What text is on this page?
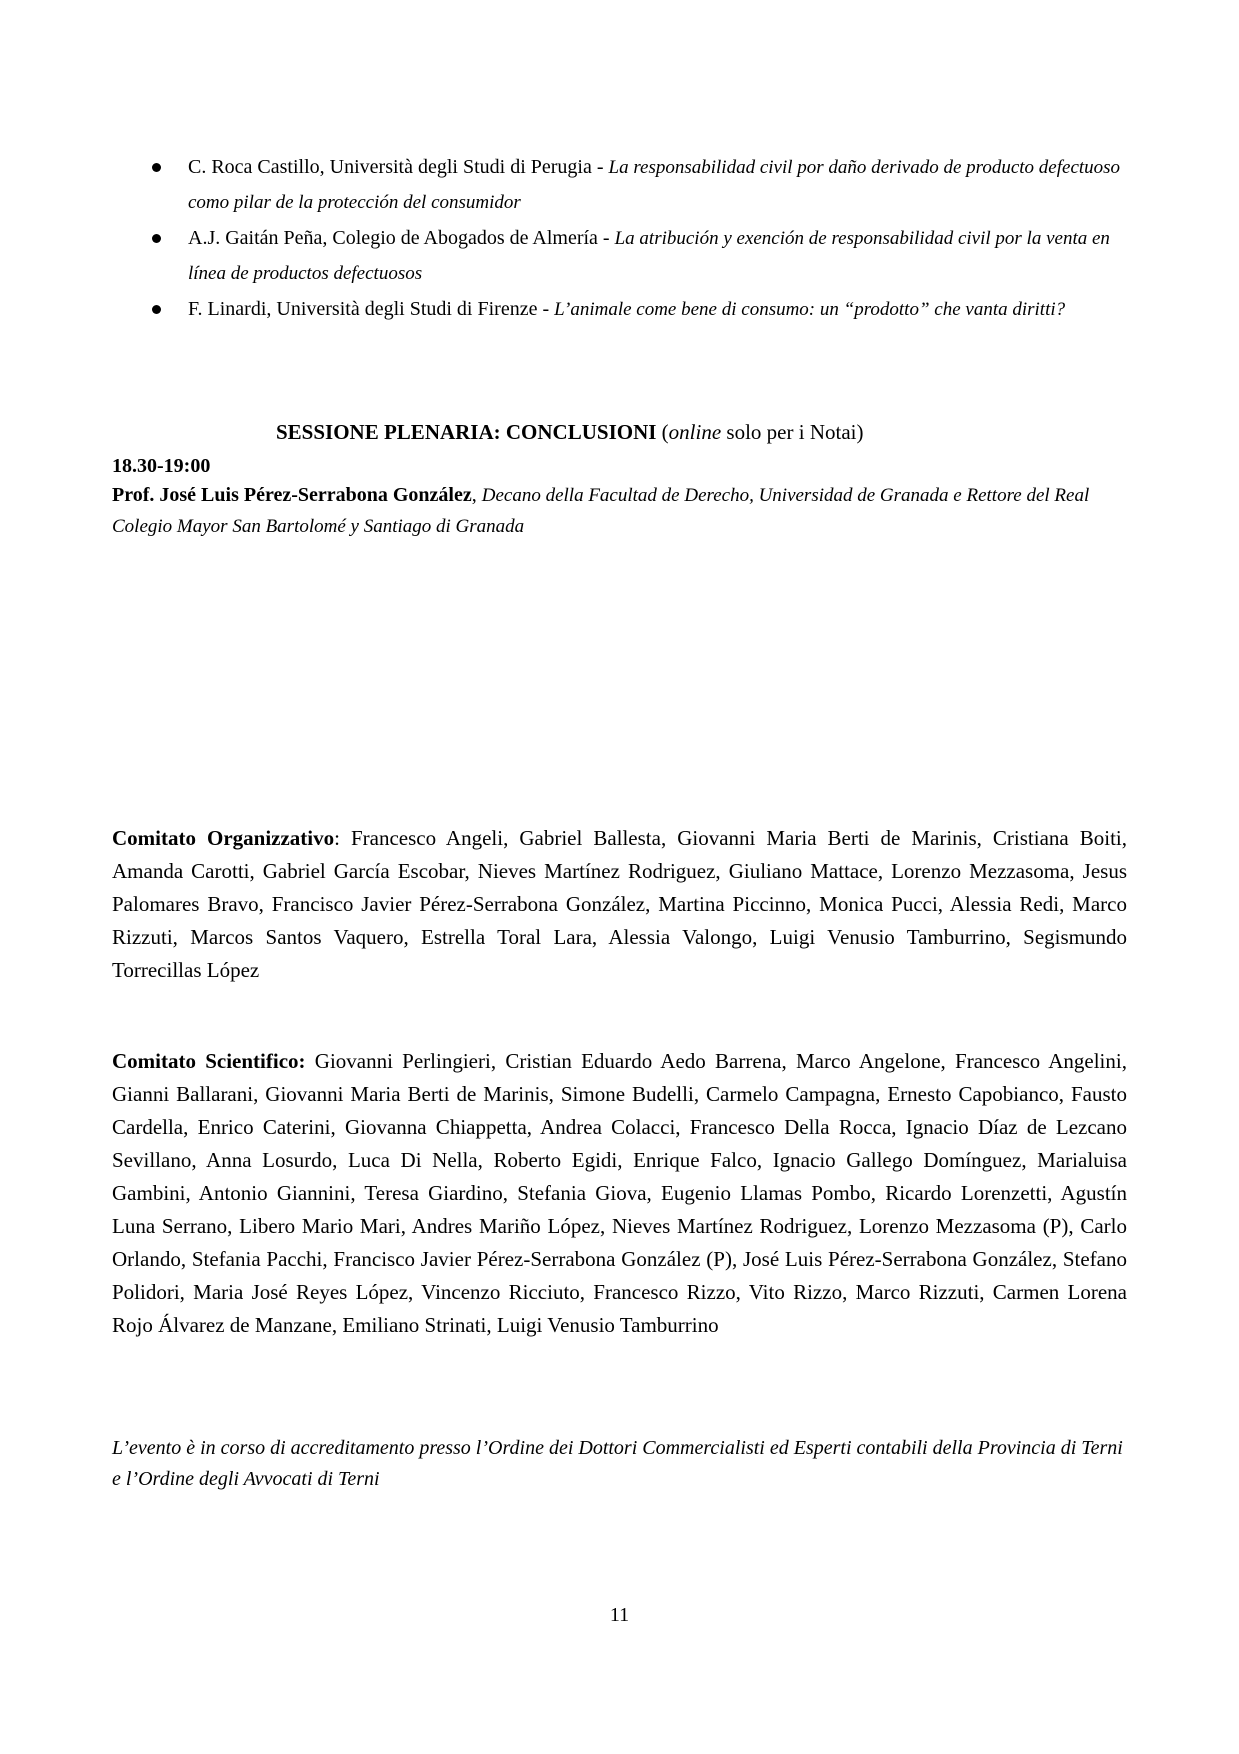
C. Roca Castillo, Università degli Studi di Perugia - La responsabilidad civil por daño derivado de producto defectuoso como pilar de la protección del consumidor
A.J. Gaitán Peña, Colegio de Abogados de Almería - La atribución y exención de responsabilidad civil por la venta en línea de productos defectuosos
F. Linardi, Università degli Studi di Firenze - L’animale come bene di consumo: un “prodotto” che vanta diritti?
SESSIONE PLENARIA: CONCLUSIONI (online solo per i Notai)
18.30-19:00
Prof. José Luis Pérez-Serrabona González, Decano della Facultad de Derecho, Universidad de Granada e Rettore del Real Colegio Mayor San Bartolomé y Santiago di Granada
Comitato Organizzativo: Francesco Angeli, Gabriel Ballesta, Giovanni Maria Berti de Marinis, Cristiana Boiti, Amanda Carotti, Gabriel García Escobar, Nieves Martínez Rodriguez, Giuliano Mattace, Lorenzo Mezzasoma, Jesus Palomares Bravo, Francisco Javier Pérez-Serrabona González, Martina Piccinno, Monica Pucci, Alessia Redi, Marco Rizzuti, Marcos Santos Vaquero, Estrella Toral Lara, Alessia Valongo, Luigi Venusio Tamburrino, Segismundo Torrecillas López
Comitato Scientifico: Giovanni Perlingieri, Cristian Eduardo Aedo Barrena, Marco Angelone, Francesco Angelini, Gianni Ballarani, Giovanni Maria Berti de Marinis, Simone Budelli, Carmelo Campagna, Ernesto Capobianco, Fausto Cardella, Enrico Caterini, Giovanna Chiappetta, Andrea Colacci, Francesco Della Rocca, Ignacio Díaz de Lezcano Sevillano, Anna Losurdo, Luca Di Nella, Roberto Egidi, Enrique Falco, Ignacio Gallego Domínguez, Marialuisa Gambini, Antonio Giannini, Teresa Giardino, Stefania Giova, Eugenio Llamas Pombo, Ricardo Lorenzetti, Agustín Luna Serrano, Libero Mario Mari, Andres Mariño López, Nieves Martínez Rodriguez, Lorenzo Mezzasoma (P), Carlo Orlando, Stefania Pacchi, Francisco Javier Pérez-Serrabona González (P), José Luis Pérez-Serrabona González, Stefano Polidori, Maria José Reyes López, Vincenzo Ricciuto, Francesco Rizzo, Vito Rizzo, Marco Rizzuti, Carmen Lorena Rojo Álvarez de Manzane, Emiliano Strinati, Luigi Venusio Tamburrino
L’evento è in corso di accreditamento presso l’Ordine dei Dottori Commercialisti ed Esperti contabili della Provincia di Terni e l’Ordine degli Avvocati di Terni
11
